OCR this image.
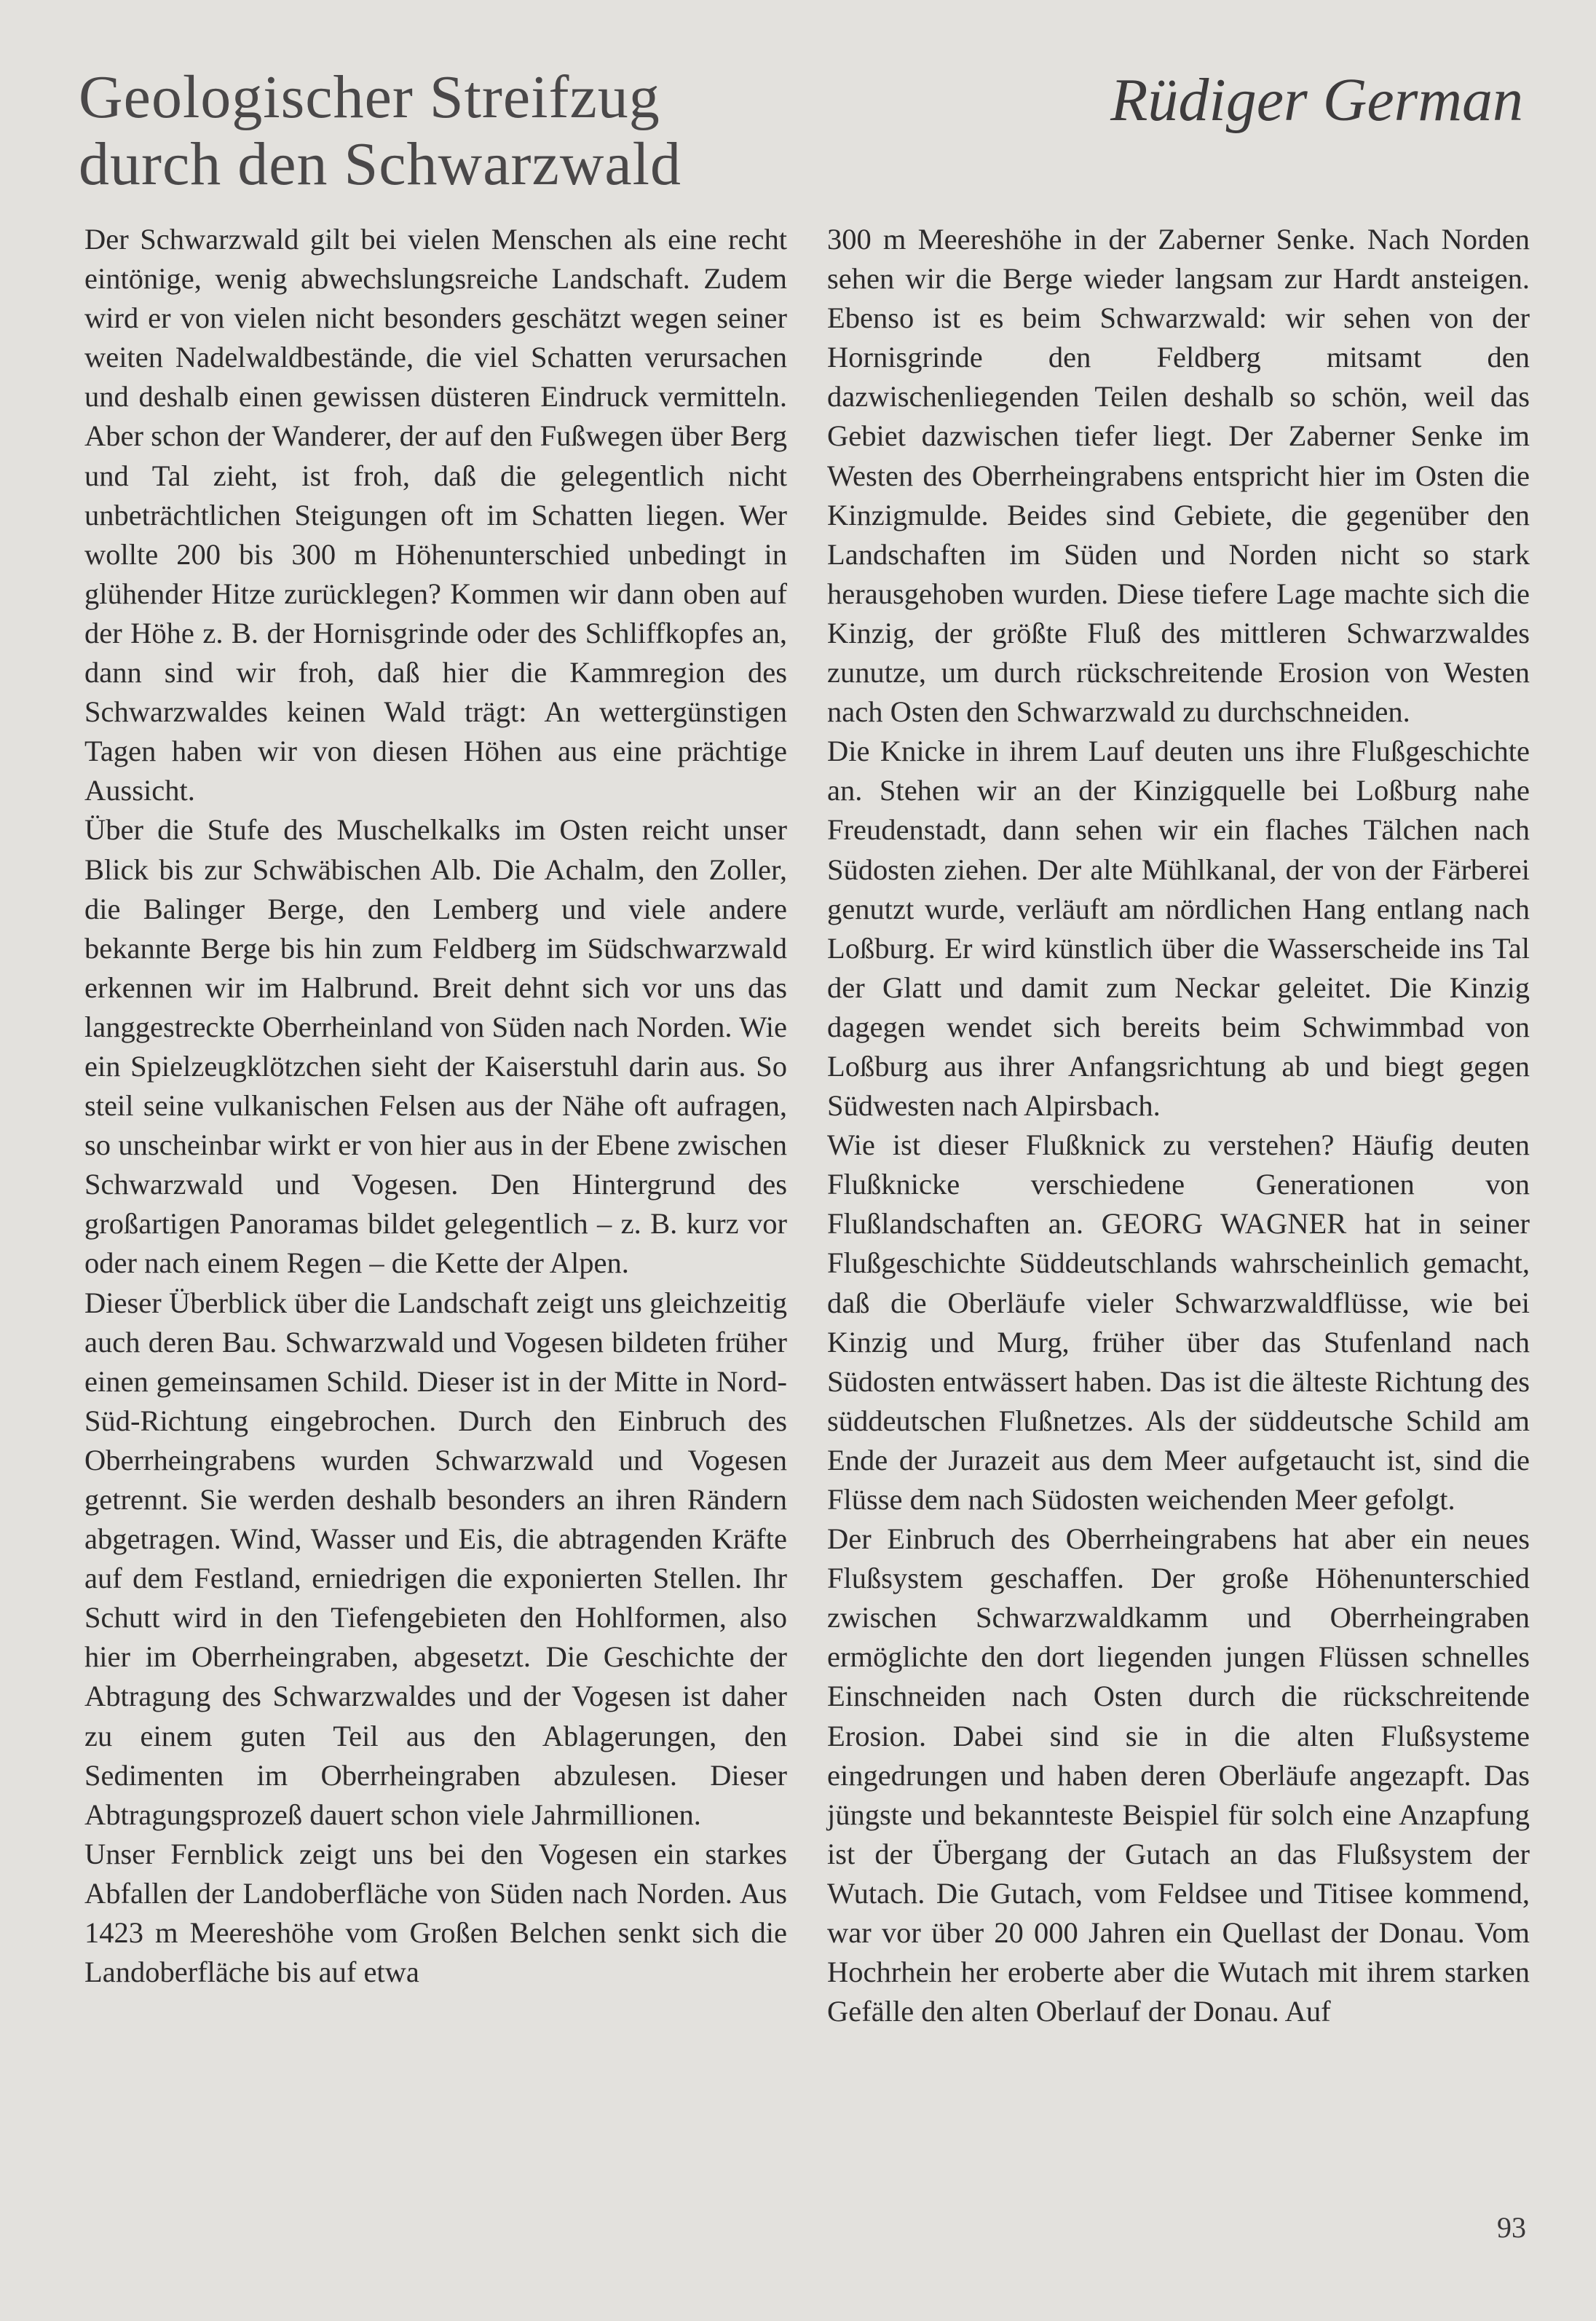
Geologischer Streifzug
durch den Schwarzwald
Rüdiger German

Der Schwarzwald gilt bei vielen Menschen als eine recht eintönige, wenig abwechslungsreiche Landschaft. Zudem wird er von vielen nicht besonders geschätzt wegen seiner weiten Nadelwaldbestände, die viel Schatten verursachen und deshalb einen gewissen düsteren Eindruck vermitteln. Aber schon der Wanderer, der auf den Fußwegen über Berg und Tal zieht, ist froh, daß die gelegentlich nicht unbeträchtlichen Steigungen oft im Schatten liegen. Wer wollte 200 bis 300 m Höhenunterschied unbedingt in glühender Hitze zurücklegen? Kommen wir dann oben auf der Höhe z. B. der Hornisgrinde oder des Schliffkopfes an, dann sind wir froh, daß hier die Kammregion des Schwarzwaldes keinen Wald trägt: An wettergünstigen Tagen haben wir von diesen Höhen aus eine prächtige Aussicht.

Über die Stufe des Muschelkalks im Osten reicht unser Blick bis zur Schwäbischen Alb. Die Achalm, den Zoller, die Balinger Berge, den Lemberg und viele andere bekannte Berge bis hin zum Feldberg im Südschwarzwald erkennen wir im Halbrund. Breit dehnt sich vor uns das langgestreckte Oberrheinland von Süden nach Norden. Wie ein Spielzeugklötzchen sieht der Kaiserstuhl darin aus. So steil seine vulkanischen Felsen aus der Nähe oft aufragen, so unscheinbar wirkt er von hier aus in der Ebene zwischen Schwarzwald und Vogesen. Den Hintergrund des großartigen Panoramas bildet gelegentlich – z. B. kurz vor oder nach einem Regen – die Kette der Alpen.

Dieser Überblick über die Landschaft zeigt uns gleichzeitig auch deren Bau. Schwarzwald und Vogesen bildeten früher einen gemeinsamen Schild. Dieser ist in der Mitte in Nord-Süd-Richtung eingebrochen. Durch den Einbruch des Oberrheingrabens wurden Schwarzwald und Vogesen getrennt. Sie werden deshalb besonders an ihren Rändern abgetragen. Wind, Wasser und Eis, die abtragenden Kräfte auf dem Festland, erniedrigen die exponierten Stellen. Ihr Schutt wird in den Tiefengebieten den Hohlformen, also hier im Oberrheingraben, abgesetzt. Die Geschichte der Abtragung des Schwarzwaldes und der Vogesen ist daher zu einem guten Teil aus den Ablagerungen, den Sedimenten im Oberrheingraben abzulesen. Dieser Abtragungsprozeß dauert schon viele Jahrmillionen.

Unser Fernblick zeigt uns bei den Vogesen ein starkes Abfallen der Landoberfläche von Süden nach Norden. Aus 1423 m Meereshöhe vom Großen Belchen senkt sich die Landoberfläche bis auf etwa

300 m Meereshöhe in der Zaberner Senke. Nach Norden sehen wir die Berge wieder langsam zur Hardt ansteigen. Ebenso ist es beim Schwarzwald: wir sehen von der Hornisgrinde den Feldberg mitsamt den dazwischenliegenden Teilen deshalb so schön, weil das Gebiet dazwischen tiefer liegt. Der Zaberner Senke im Westen des Oberrheingrabens entspricht hier im Osten die Kinzigmulde. Beides sind Gebiete, die gegenüber den Landschaften im Süden und Norden nicht so stark herausgehoben wurden. Diese tiefere Lage machte sich die Kinzig, der größte Fluß des mittleren Schwarzwaldes zunutze, um durch rückschreitende Erosion von Westen nach Osten den Schwarzwald zu durchschneiden.

Die Knicke in ihrem Lauf deuten uns ihre Flußgeschichte an. Stehen wir an der Kinzigquelle bei Loßburg nahe Freudenstadt, dann sehen wir ein flaches Tälchen nach Südosten ziehen. Der alte Mühlkanal, der von der Färberei genutzt wurde, verläuft am nördlichen Hang entlang nach Loßburg. Er wird künstlich über die Wasserscheide ins Tal der Glatt und damit zum Neckar geleitet. Die Kinzig dagegen wendet sich bereits beim Schwimmbad von Loßburg aus ihrer Anfangsrichtung ab und biegt gegen Südwesten nach Alpirsbach.

Wie ist dieser Flußknick zu verstehen? Häufig deuten Flußknicke verschiedene Generationen von Flußlandschaften an. GEORG WAGNER hat in seiner Flußgeschichte Süddeutschlands wahrscheinlich gemacht, daß die Oberläufe vieler Schwarzwaldflüsse, wie bei Kinzig und Murg, früher über das Stufenland nach Südosten entwässert haben. Das ist die älteste Richtung des süddeutschen Flußnetzes. Als der süddeutsche Schild am Ende der Jurazeit aus dem Meer aufgetaucht ist, sind die Flüsse dem nach Südosten weichenden Meer gefolgt.

Der Einbruch des Oberrheingrabens hat aber ein neues Flußsystem geschaffen. Der große Höhenunterschied zwischen Schwarzwaldkamm und Oberrheingraben ermöglichte den dort liegenden jungen Flüssen schnelles Einschneiden nach Osten durch die rückschreitende Erosion. Dabei sind sie in die alten Flußsysteme eingedrungen und haben deren Oberläufe angezapft. Das jüngste und bekannteste Beispiel für solch eine Anzapfung ist der Übergang der Gutach an das Flußsystem der Wutach. Die Gutach, vom Feldsee und Titisee kommend, war vor über 20 000 Jahren ein Quellast der Donau. Vom Hochrhein her eroberte aber die Wutach mit ihrem starken Gefälle den alten Oberlauf der Donau. Auf

93
